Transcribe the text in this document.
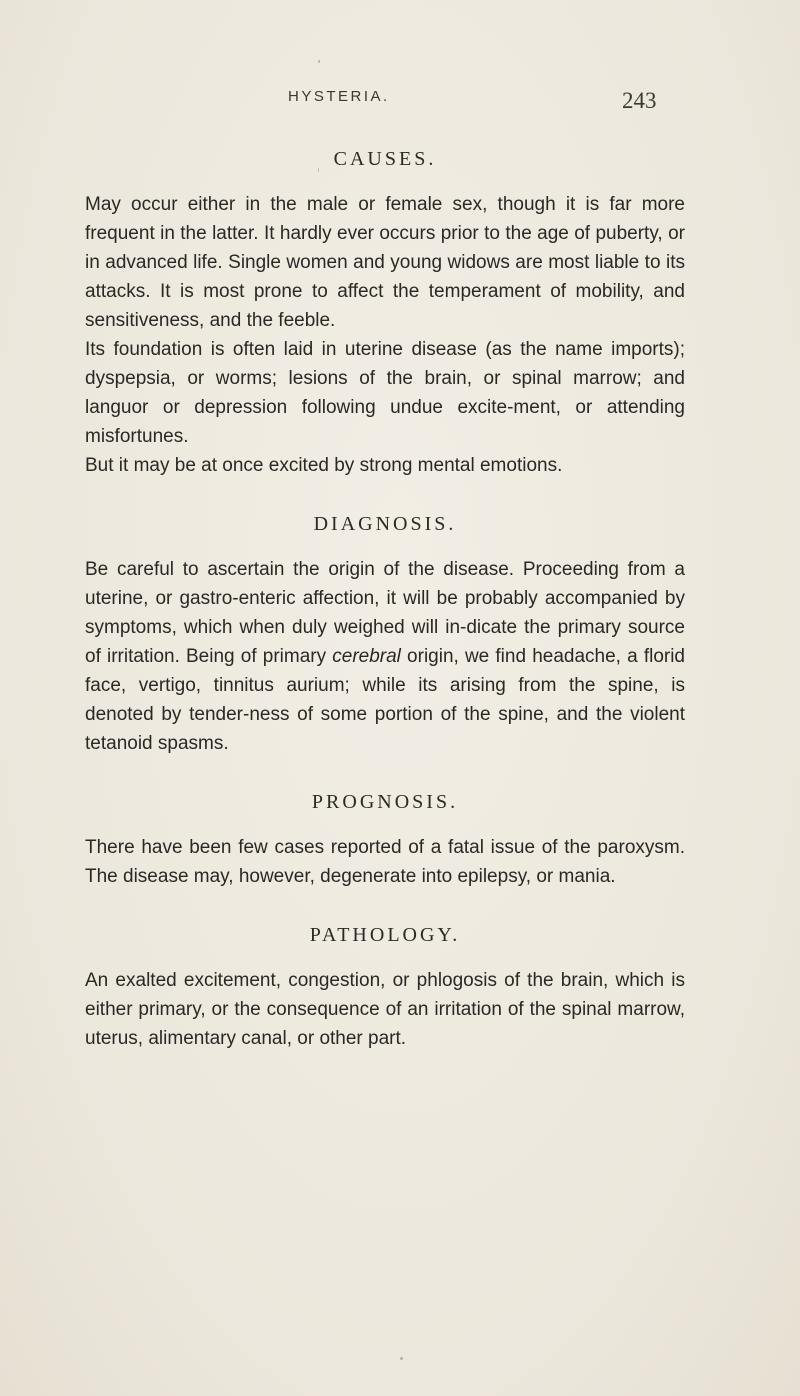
HYSTERIA.	243
CAUSES.

May occur either in the male or female sex, though it is far more frequent in the latter. It hardly ever occurs prior to the age of puberty, or in advanced life. Single women and young widows are most liable to its attacks. It is most prone to affect the temperament of mobility, and sensitiveness, and the feeble.

Its foundation is often laid in uterine disease (as the name imports); dyspepsia, or worms; lesions of the brain, or spinal marrow; and languor or depression following undue excite-ment, or attending misfortunes.

But it may be at once excited by strong mental emotions.

DIAGNOSIS.

Be careful to ascertain the origin of the disease. Proceeding from a uterine, or gastro-enteric affection, it will be probably accompanied by symptoms, which when duly weighed will in-dicate the primary source of irritation. Being of primary cerebral origin, we find headache, a florid face, vertigo, tinnitus aurium; while its arising from the spine, is denoted by tender-ness of some portion of the spine, and the violent tetanoid spasms.

PROGNOSIS.

There have been few cases reported of a fatal issue of the paroxysm. The disease may, however, degenerate into epilepsy, or mania.

PATHOLOGY.

An exalted excitement, congestion, or phlogosis of the brain, which is either primary, or the consequence of an irritation of the spinal marrow, uterus, alimentary canal, or other part.
